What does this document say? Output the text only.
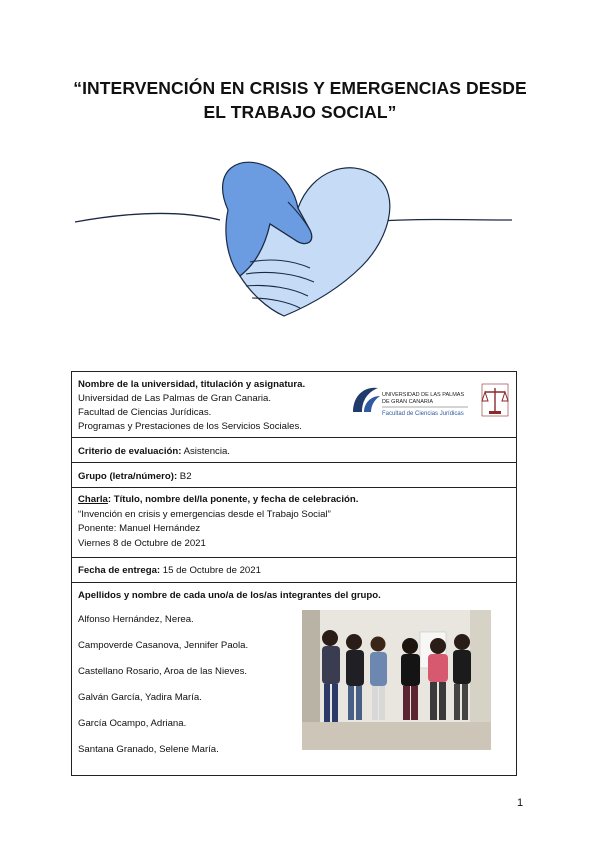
“INTERVENCIÓN EN CRISIS Y EMERGENCIAS DESDE EL TRABAJO SOCIAL”
Nombre de la universidad, titulación y asignatura.
Universidad de Las Palmas de Gran Canaria.
Facultad de Ciencias Jurídicas.
Programas y Prestaciones de los Servicios Sociales.
UNIVERSIDAD DE LAS PALMAS
DE GRAN CANARIA
Facultad de Ciencias Jurídicas
Criterio de evaluación: Asistencia.
Grupo (letra/número): B2
Charla: Título, nombre del/la ponente, y fecha de celebración.
“Invención en crisis y emergencias desde el Trabajo Social”
Ponente: Manuel Hernández
Viernes 8 de Octubre de 2021
Fecha de entrega: 15 de Octubre de 2021
Apellidos y nombre de cada uno/a de los/as integrantes del grupo.
Alfonso Hernández, Nerea.
Campoverde Casanova, Jennifer Paola.
Castellano Rosario, Aroa de las Nieves.
Galván García, Yadira María.
García Ocampo, Adriana.
Santana Granado, Selene María.
1
